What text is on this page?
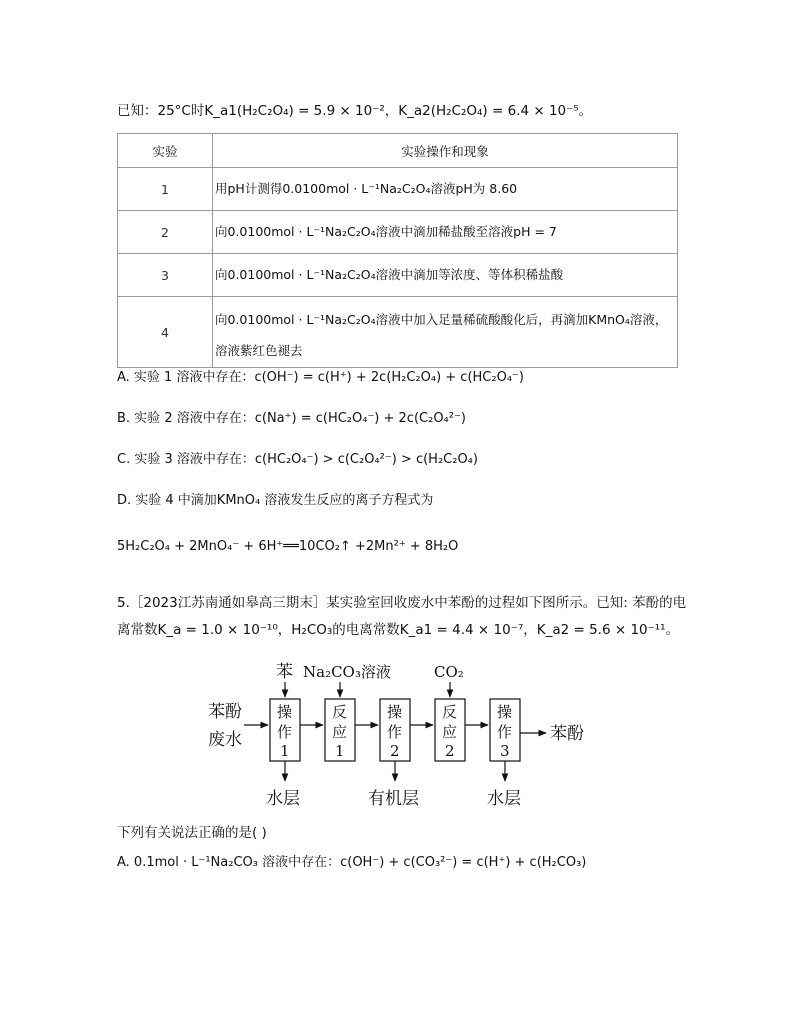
已知：25°C时K_a1(H₂C₂O₄) = 5.9 × 10⁻²，K_a2(H₂C₂O₄) = 6.4 × 10⁻⁵。
实验	实验操作和现象
1	用pH计测得0.0100mol · L⁻¹Na₂C₂O₄溶液pH为 8.60
2	向0.0100mol · L⁻¹Na₂C₂O₄溶液中滴加稀盐酸至溶液pH = 7
3	向0.0100mol · L⁻¹Na₂C₂O₄溶液中滴加等浓度、等体积稀盐酸
4	向0.0100mol · L⁻¹Na₂C₂O₄溶液中加入足量稀硫酸酸化后，再滴加KMnO₄溶液，
溶液紫红色褪去
A. 实验 1 溶液中存在：c(OH⁻) = c(H⁺) + 2c(H₂C₂O₄) + c(HC₂O₄⁻)
B. 实验 2 溶液中存在：c(Na⁺) = c(HC₂O₄⁻) + 2c(C₂O₄²⁻)
C. 实验 3 溶液中存在：c(HC₂O₄⁻) > c(C₂O₄²⁻) > c(H₂C₂O₄)
D. 实验 4 中滴加KMnO₄ 溶液发生反应的离子方程式为
5H₂C₂O₄ + 2MnO₄⁻ + 6H⁺══10CO₂↑ +2Mn²⁺ + 8H₂O
5.［2023江苏南通如皋高三期末］某实验室回收废水中苯酚的过程如下图所示。已知: 苯酚的电
离常数K_a = 1.0 × 10⁻¹⁰，H₂CO₃的电离常数K_a1 = 4.4 × 10⁻⁷，K_a2 = 5.6 × 10⁻¹¹。
苯酚
废水
操
作
1
反
应
1
操
作
2
反
应
2
操
作
3
苯酚
苯 Na₂CO₃溶液	CO₂
水层	有机层	水层
下列有关说法正确的是( )
A. 0.1mol · L⁻¹Na₂CO₃ 溶液中存在：c(OH⁻) + c(CO₃²⁻) = c(H⁺) + c(H₂CO₃)
